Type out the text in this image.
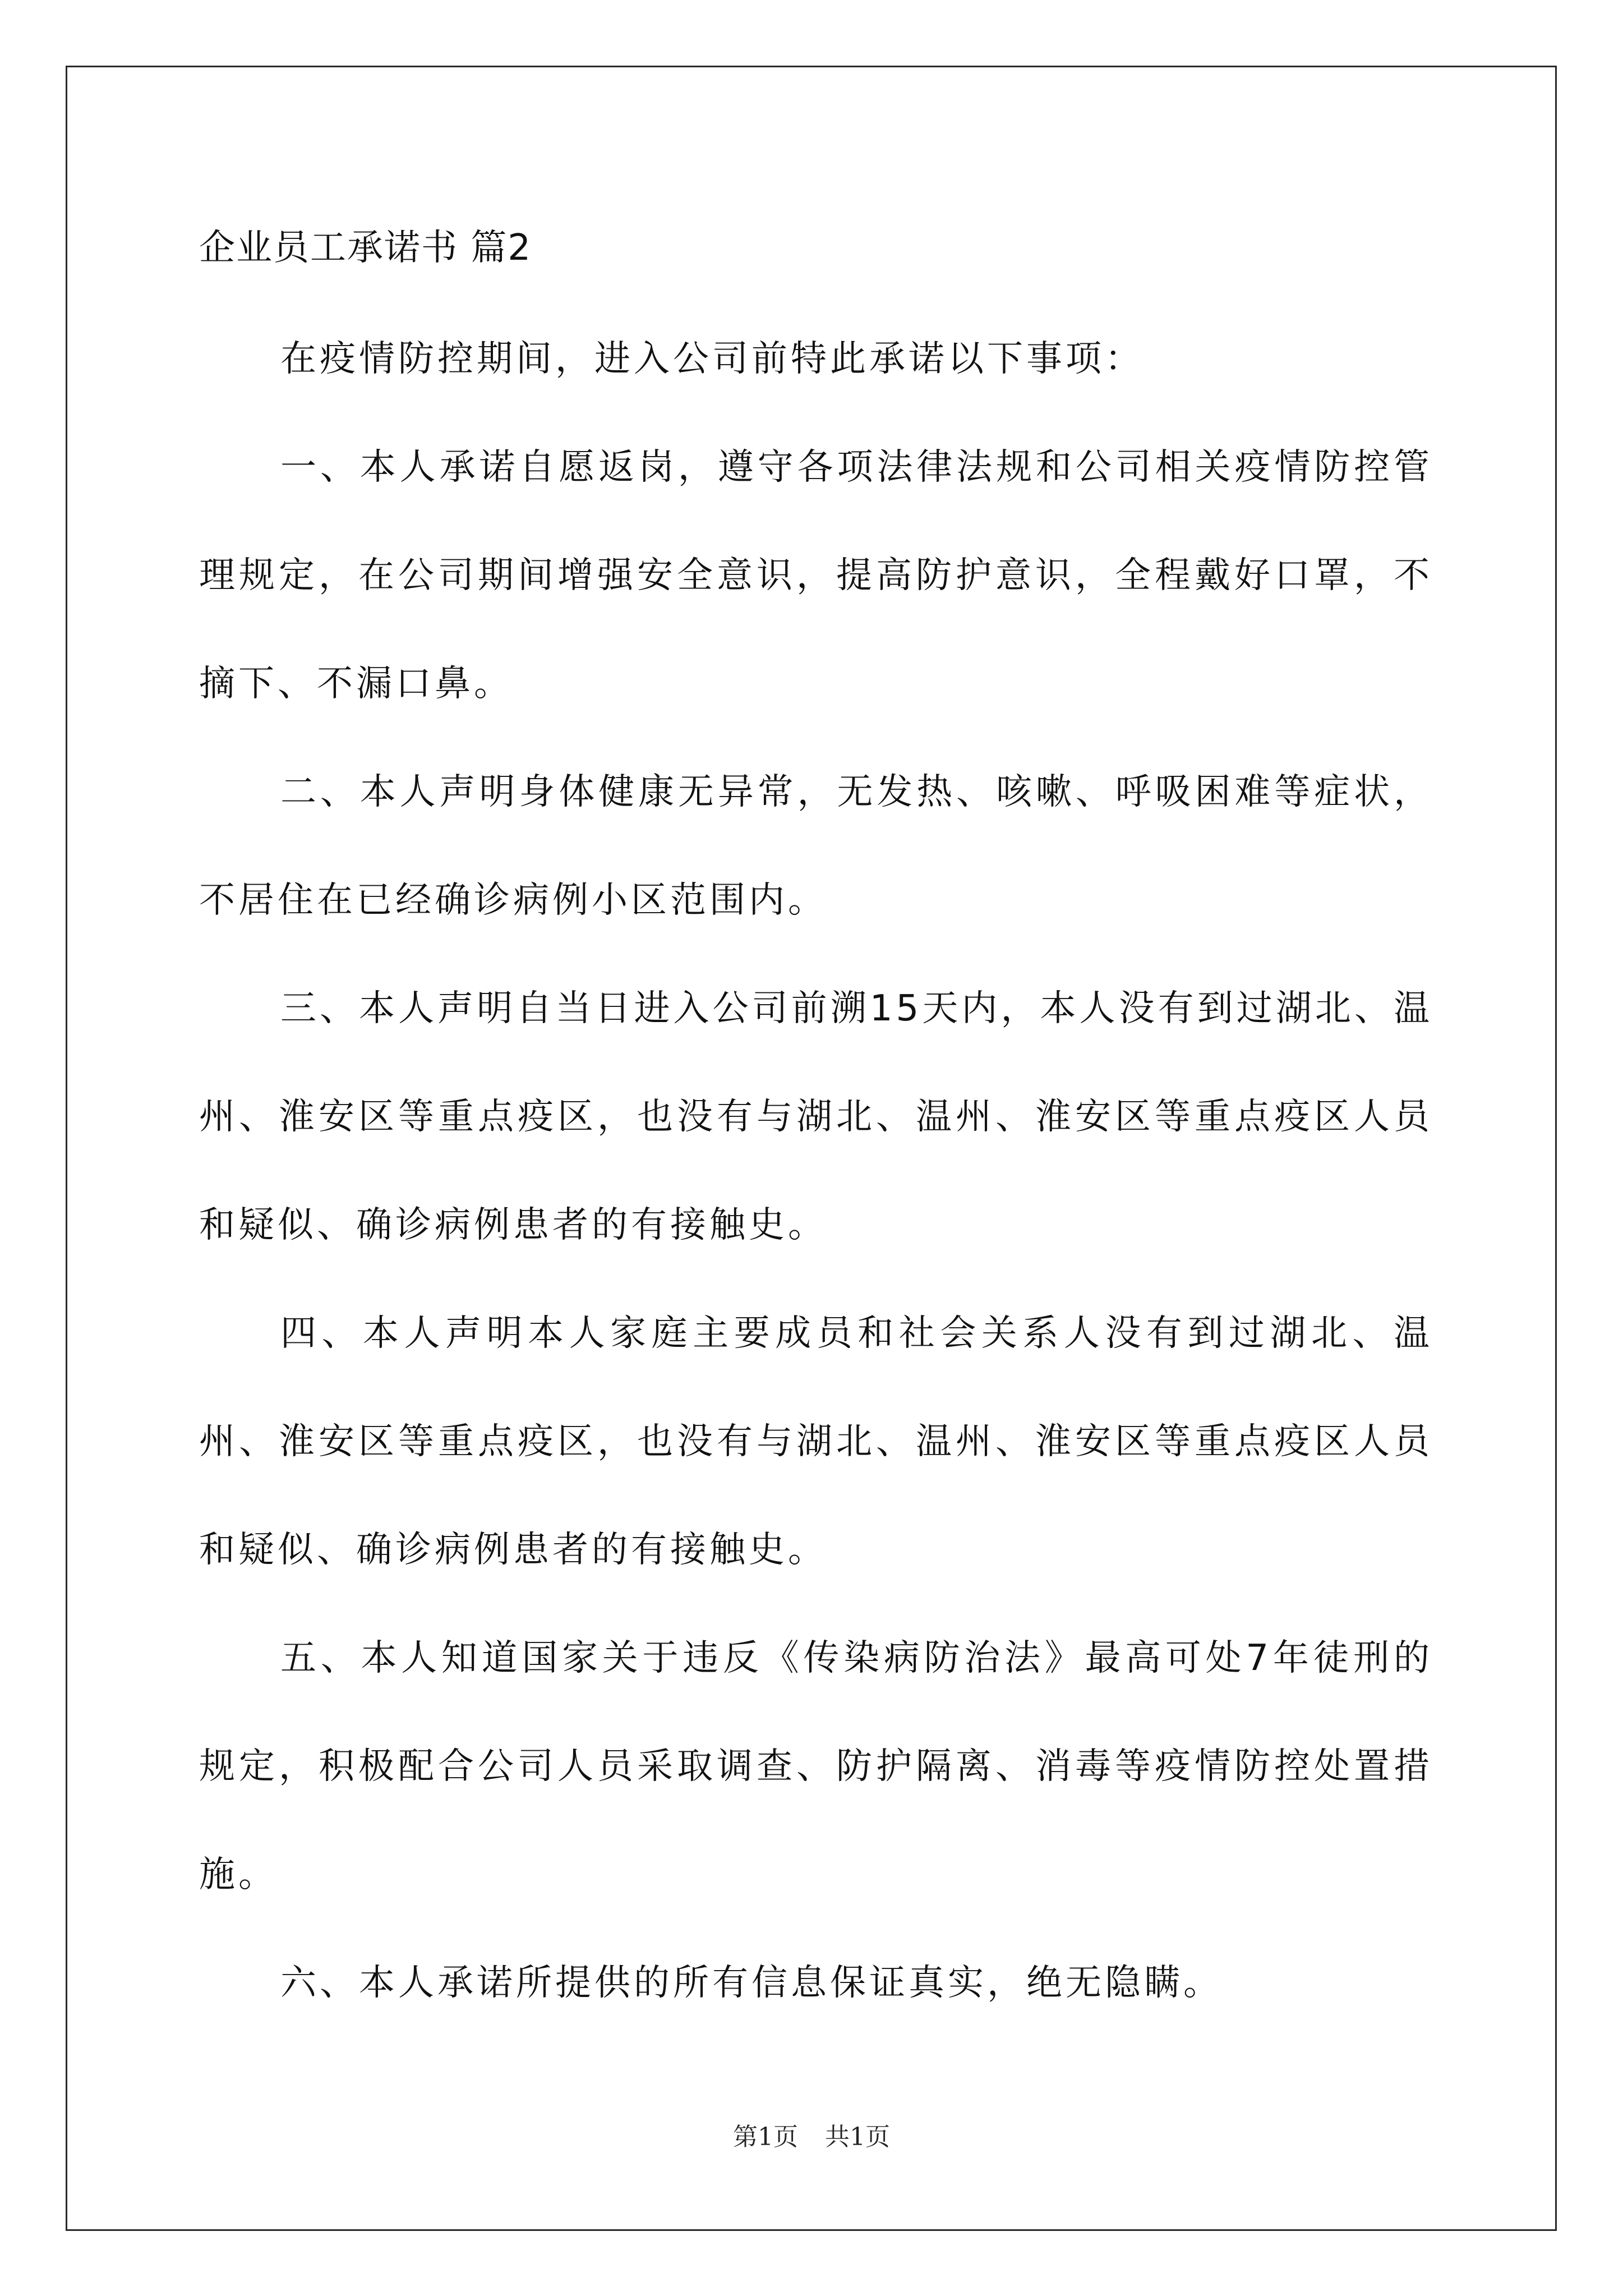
企业员工承诺书 篇2

在疫情防控期间，进入公司前特此承诺以下事项：

一、本人承诺自愿返岗，遵守各项法律法规和公司相关疫情防控管理规定，在公司期间增强安全意识，提高防护意识，全程戴好口罩，不摘下、不漏口鼻。

二、本人声明身体健康无异常，无发热、咳嗽、呼吸困难等症状，不居住在已经确诊病例小区范围内。

三、本人声明自当日进入公司前溯15天内，本人没有到过湖北、温州、淮安区等重点疫区，也没有与湖北、温州、淮安区等重点疫区人员和疑似、确诊病例患者的有接触史。

四、本人声明本人家庭主要成员和社会关系人没有到过湖北、温州、淮安区等重点疫区，也没有与湖北、温州、淮安区等重点疫区人员和疑似、确诊病例患者的有接触史。

五、本人知道国家关于违反《传染病防治法》最高可处7年徒刑的规定，积极配合公司人员采取调查、防护隔离、消毒等疫情防控处置措施。

六、本人承诺所提供的所有信息保证真实，绝无隐瞒。

第1页 共1页
